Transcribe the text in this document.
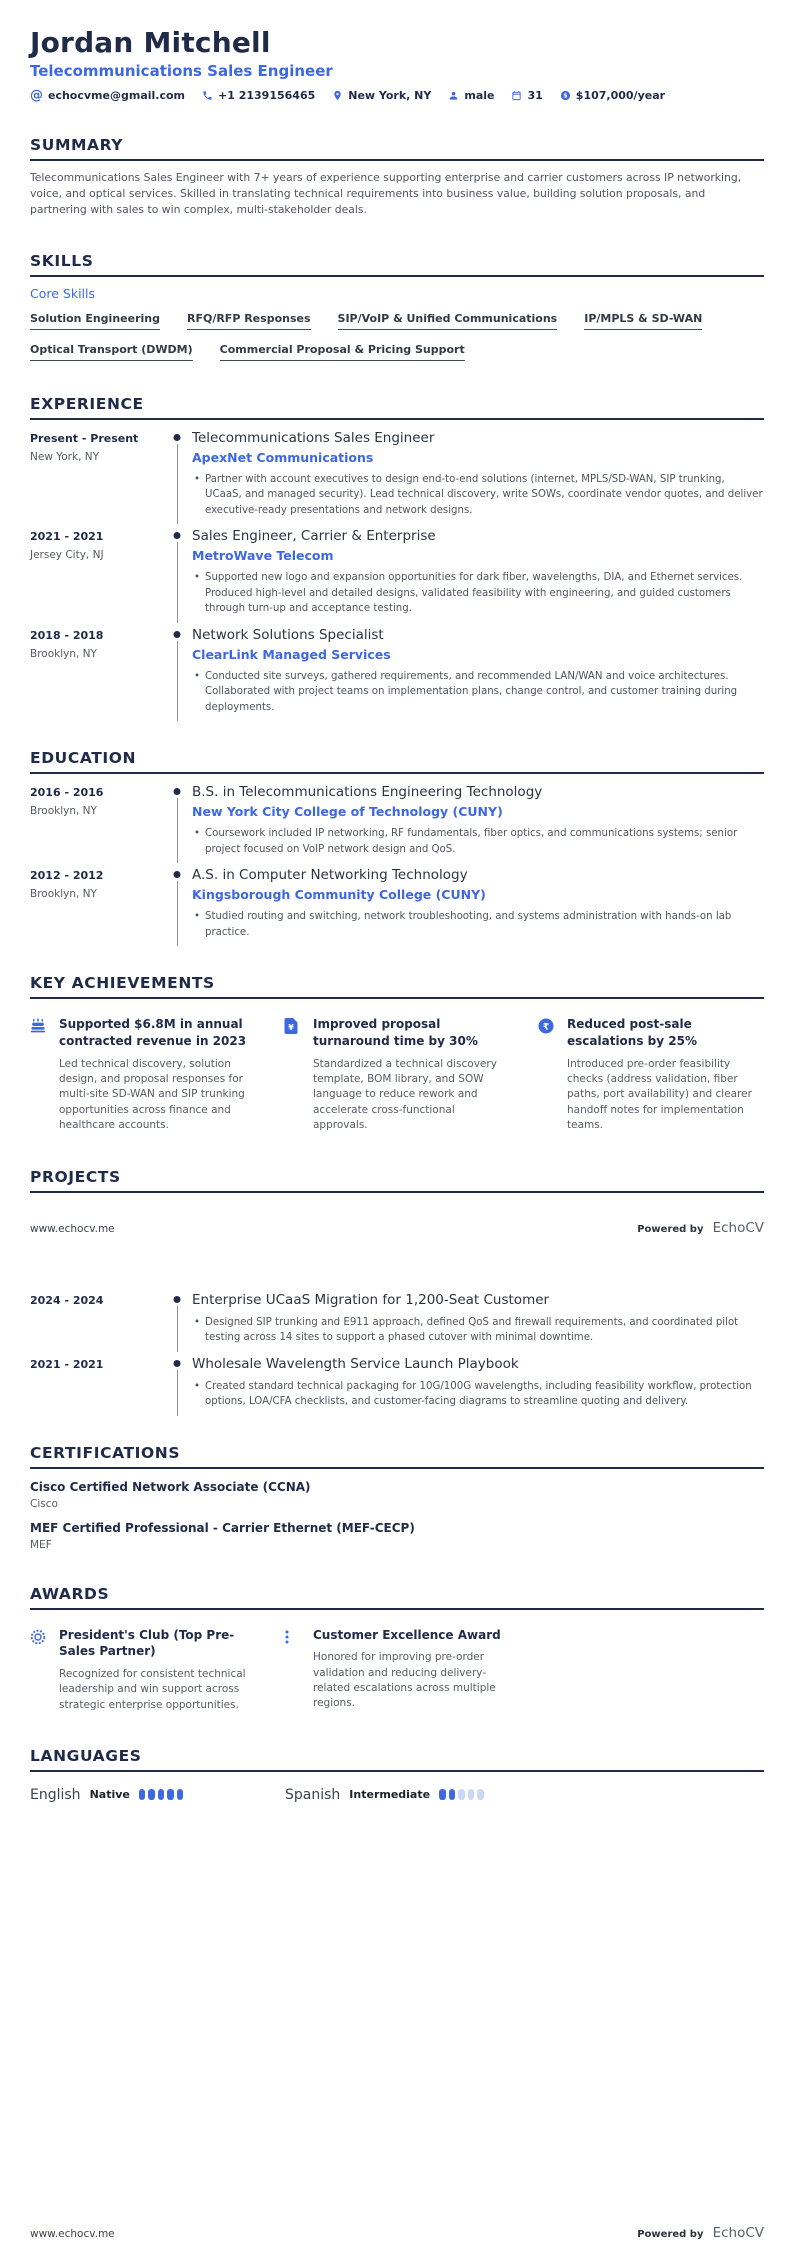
Jordan Mitchell
Telecommunications Sales Engineer
@ echocvme@gmail.com	+1 2139156465	New York, NY	male	31 $ $107,000/year
SUMMARY
Telecommunications Sales Engineer with 7+ years of experience supporting enterprise and carrier customers across IP networking, voice, and optical services. Skilled in translating technical requirements into business value, building solution proposals, and partnering with sales to win complex, multi-stakeholder deals.
SKILLS
Core Skills
Solution Engineering RFQ/RFP Responses SIP/VoIP & Unified Communications IP/MPLS & SD-WAN
Optical Transport (DWDM) Commercial Proposal & Pricing Support
EXPERIENCE
Present - Present
New York, NY
Telecommunications Sales Engineer
ApexNet Communications
• Partner with account executives to design end-to-end solutions (internet, MPLS/SD-WAN, SIP trunking, UCaaS, and managed security). Lead technical discovery, write SOWs, coordinate vendor quotes, and deliver executive-ready presentations and network designs.
2021 - 2021
Jersey City, NJ
Sales Engineer, Carrier & Enterprise
MetroWave Telecom
• Supported new logo and expansion opportunities for dark fiber, wavelengths, DIA, and Ethernet services. Produced high-level and detailed designs, validated feasibility with engineering, and guided customers through turn-up and acceptance testing.
2018 - 2018
Brooklyn, NY
Network Solutions Specialist
ClearLink Managed Services
• Conducted site surveys, gathered requirements, and recommended LAN/WAN and voice architectures. Collaborated with project teams on implementation plans, change control, and customer training during deployments.
EDUCATION
2016 - 2016
Brooklyn, NY
B.S. in Telecommunications Engineering Technology
New York City College of Technology (CUNY)
• Coursework included IP networking, RF fundamentals, fiber optics, and communications systems; senior project focused on VoIP network design and QoS.
2012 - 2012
Brooklyn, NY
A.S. in Computer Networking Technology
Kingsborough Community College (CUNY)
• Studied routing and switching, network troubleshooting, and systems administration with hands-on lab practice.
KEY ACHIEVEMENTS
Supported $6.8M in annual contracted revenue in 2023
Led technical discovery, solution design, and proposal responses for multi-site SD-WAN and SIP trunking opportunities across finance and healthcare accounts.
¥ Improved proposal turnaround time by 30%
Standardized a technical discovery template, BOM library, and SOW language to reduce rework and accelerate cross-functional approvals.
₹ Reduced post-sale escalations by 25%
Introduced pre-order feasibility checks (address validation, fiber paths, port availability) and clearer handoff notes for implementation teams.
PROJECTS
www.echocv.me	Powered by EchoCV
2024 - 2024	Enterprise UCaaS Migration for 1,200-Seat Customer
• Designed SIP trunking and E911 approach, defined QoS and firewall requirements, and coordinated pilot testing across 14 sites to support a phased cutover with minimal downtime.
2021 - 2021	Wholesale Wavelength Service Launch Playbook
• Created standard technical packaging for 10G/100G wavelengths, including feasibility workflow, protection options, LOA/CFA checklists, and customer-facing diagrams to streamline quoting and delivery.
CERTIFICATIONS
Cisco Certified Network Associate (CCNA)
Cisco
MEF Certified Professional - Carrier Ethernet (MEF-CECP)
MEF
AWARDS
President's Club (Top Pre-Sales Partner)
Recognized for consistent technical leadership and win support across strategic enterprise opportunities.
Customer Excellence Award
Honored for improving pre-order validation and reducing delivery-related escalations across multiple regions.
LANGUAGES
English Native	Spanish Intermediate
www.echocv.me	Powered by EchoCV
